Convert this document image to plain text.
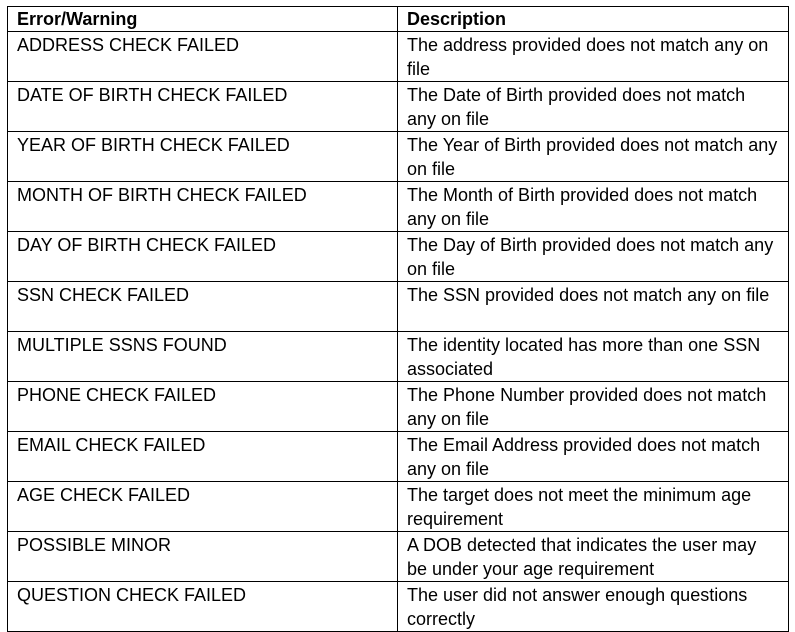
Error/Warning	Description
ADDRESS CHECK FAILED	The address provided does not match any on file
DATE OF BIRTH CHECK FAILED	The Date of Birth provided does not match any on file
YEAR OF BIRTH CHECK FAILED	The Year of Birth provided does not match any on file
MONTH OF BIRTH CHECK FAILED	The Month of Birth provided does not match any on file
DAY OF BIRTH CHECK FAILED	The Day of Birth provided does not match any on file
SSN CHECK FAILED	The SSN provided does not match any on file
MULTIPLE SSNS FOUND	The identity located has more than one SSN associated
PHONE CHECK FAILED	The Phone Number provided does not match any on file
EMAIL CHECK FAILED	The Email Address provided does not match any on file
AGE CHECK FAILED	The target does not meet the minimum age requirement
POSSIBLE MINOR	A DOB detected that indicates the user may be under your age requirement
QUESTION CHECK FAILED	The user did not answer enough questions correctly
